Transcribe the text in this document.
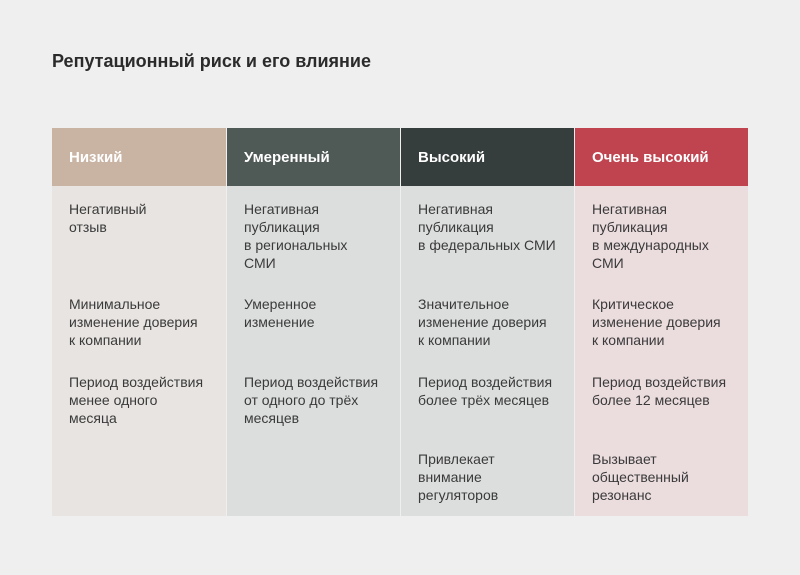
Репутационный риск и его влияние
Низкий
Негативный
отзыв
Минимальное
изменение доверия
к компании
Период воздействия
менее одного
месяца
Умеренный
Негативная
публикация
в региональных
СМИ
Умеренное
изменение
Период воздействия
от одного до трёх
месяцев
Высокий
Негативная
публикация
в федеральных СМИ
Значительное
изменение доверия
к компании
Период воздействия
более трёх месяцев
Привлекает
внимание
регуляторов
Очень высокий
Негативная
публикация
в международных
СМИ
Критическое
изменение доверия
к компании
Период воздействия
более 12 месяцев
Вызывает
общественный
резонанс
